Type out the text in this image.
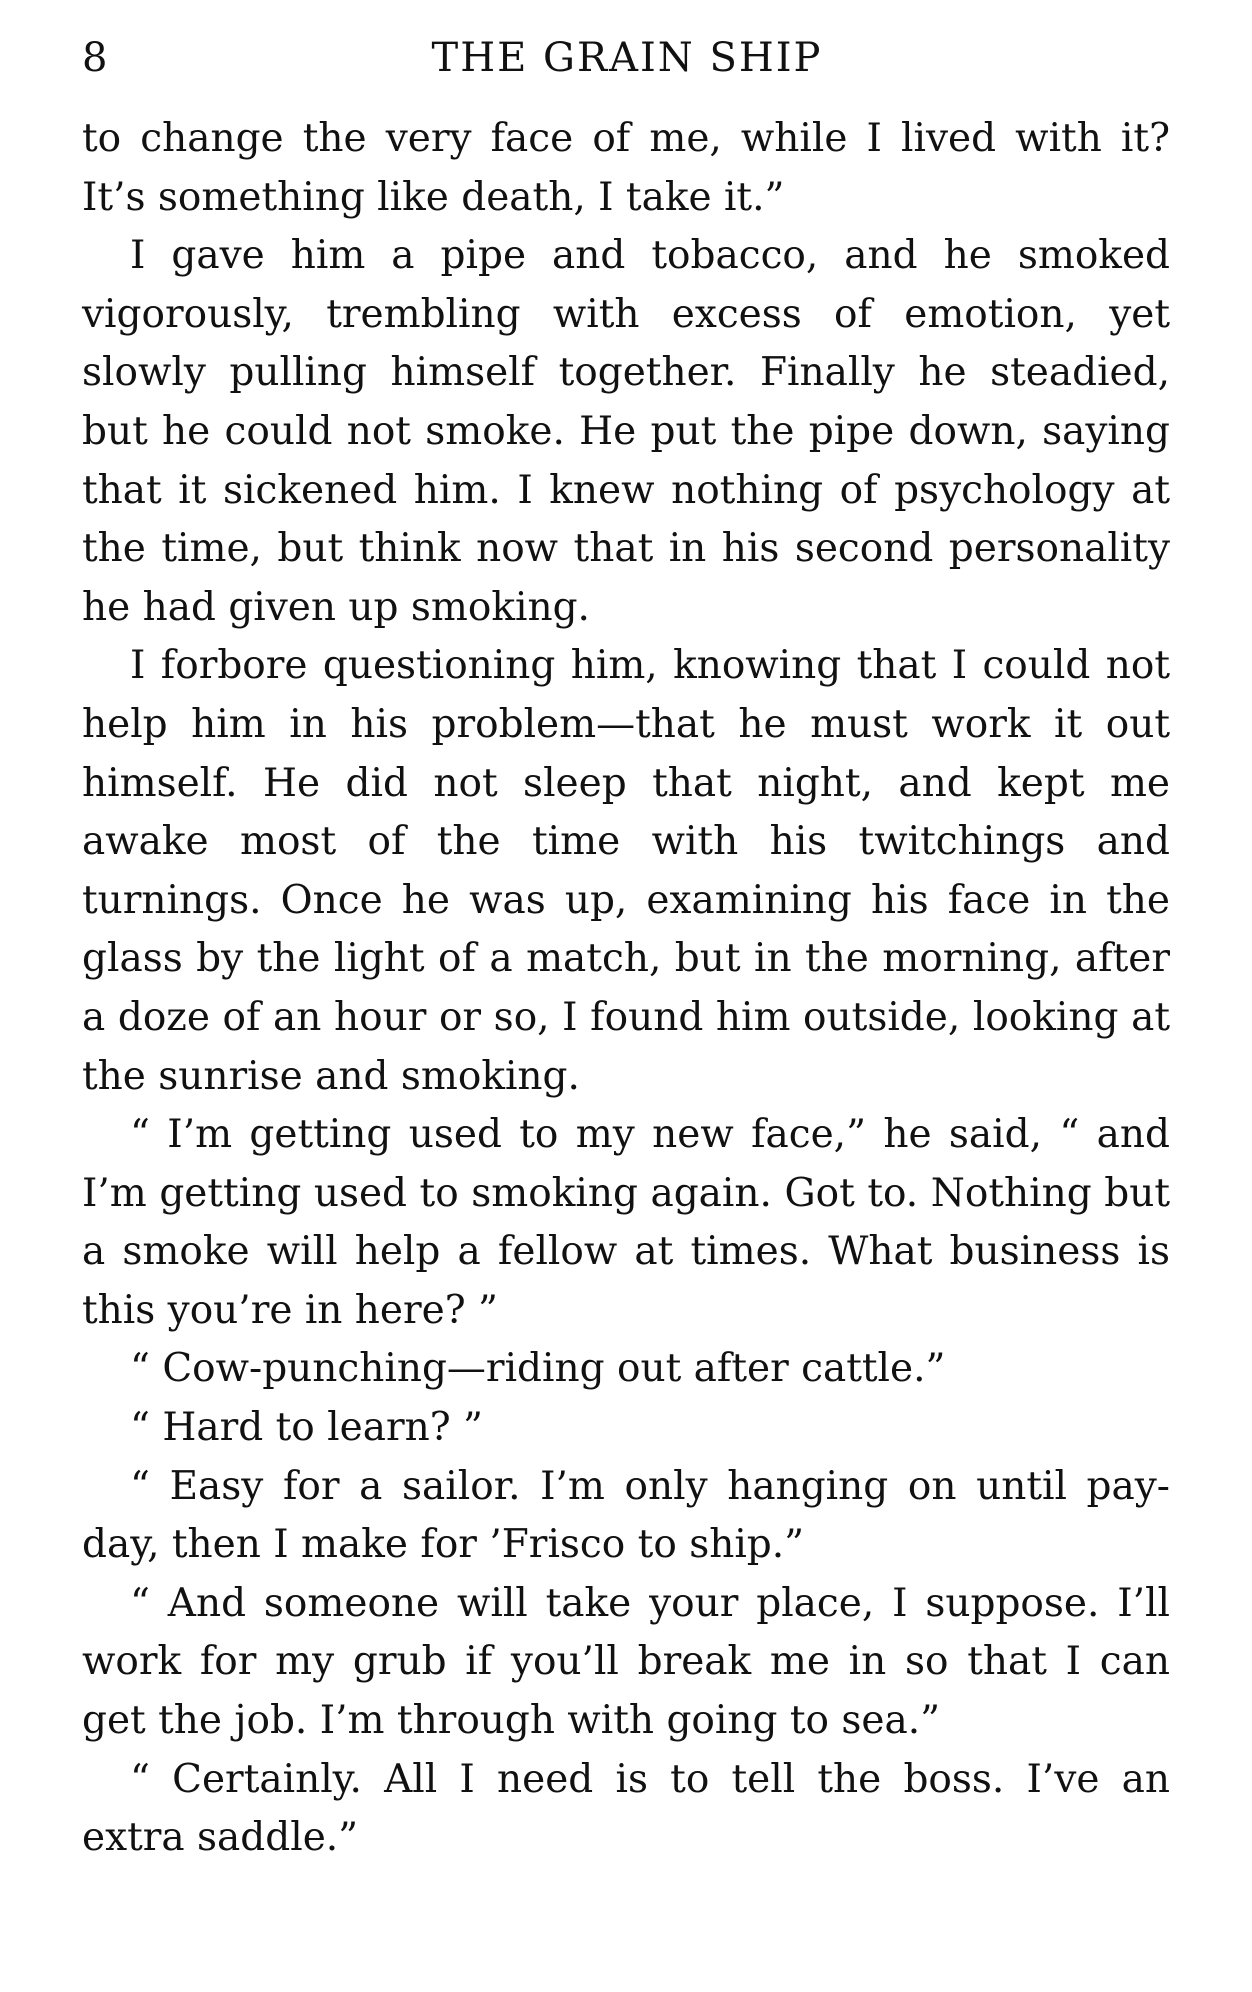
8	THE GRAIN SHIP

to change the very face of me, while I lived with it? It’s something like death, I take it.”

I gave him a pipe and tobacco, and he smoked vigorously, trembling with excess of emotion, yet slowly pulling himself together. Finally he steadied, but he could not smoke. He put the pipe down, saying that it sickened him. I knew nothing of psychology at the time, but think now that in his second personality he had given up smoking.

I forbore questioning him, knowing that I could not help him in his problem—that he must work it out himself. He did not sleep that night, and kept me awake most of the time with his twitchings and turnings. Once he was up, examining his face in the glass by the light of a match, but in the morning, after a doze of an hour or so, I found him outside, looking at the sunrise and smoking.

“ I’m getting used to my new face,” he said, “ and I’m getting used to smoking again. Got to. Nothing but a smoke will help a fellow at times. What business is this you’re in here? ”

“ Cow-punching—riding out after cattle.”

“ Hard to learn? ”

“ Easy for a sailor. I’m only hanging on until pay-day, then I make for ’Frisco to ship.”

“ And someone will take your place, I suppose. I’ll work for my grub if you’ll break me in so that I can get the job. I’m through with going to sea.”

“ Certainly. All I need is to tell the boss. I’ve an extra saddle.”
